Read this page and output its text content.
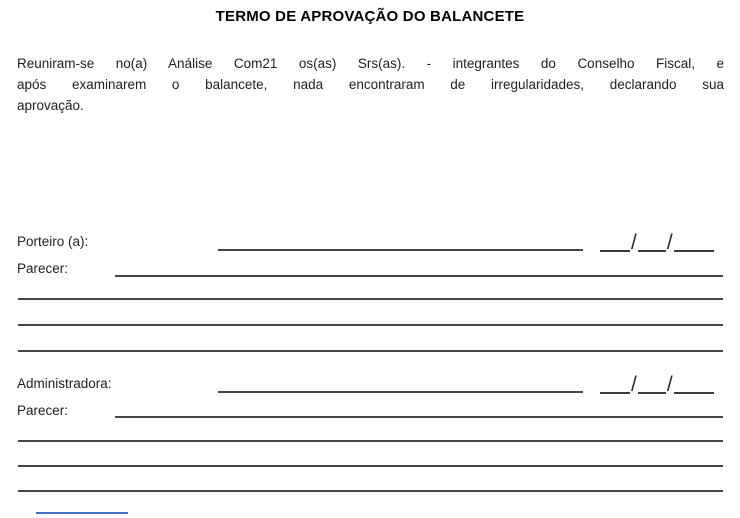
TERMO DE APROVAÇÃO DO BALANCETE
Reuniram-se no(a) Análise Com21 os(as) Srs(as). - integrantes do Conselho Fiscal, e
após examinarem o balancete, nada encontraram de irregularidades, declarando sua
aprovação.
Porteiro (a):	/ /
Parecer:
Administradora:	/ /
Parecer:
